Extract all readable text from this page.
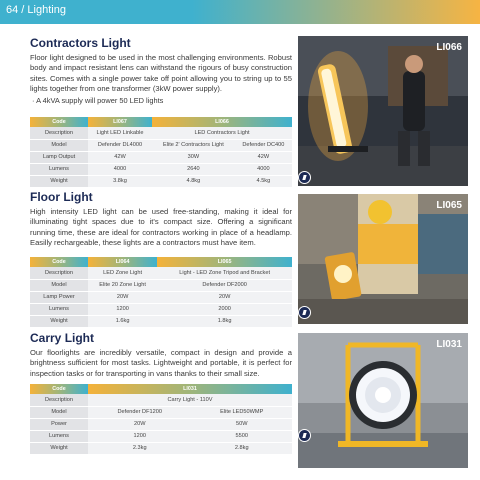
64 / Lighting
Contractors Light
Floor light designed to be used in the most challenging environments. Robust body and impact resistant lens can withstand the rigours of busy construction sites. Comes with a single power take off point allowing you to string up to 55 lights together from one transformer (3kW power supply).
· A 4kVA supply will power 50 LED lights
Code	LI067	LI066	
Description	Light LED Linkable	LED Contractors Light	
Model	Defender DL4000	Elite 2' Contractors Light	Defender DC400
Lamp Output	42W	30W	42W
Lumens	4000	2640	4000
Weight	3.8kg	4.8kg	4.5kg
LI066
Floor Light
High intensity LED light can be used free-standing, making it ideal for illuminating tight spaces due to it's compact size. Offering a significant running time, these are ideal for contractors working in place of a headlamp. Easilly rechargeable, these lights are a contractors must have item.
Code	LI064	LI065
Description	LED Zone Light	Light - LED Zone Tripod and Bracket
Model	Elite 20 Zone Light	Defender DF2000
Lamp Power	20W	20W
Lumens	1200	2000
Weight	1.6kg	1.8kg
LI065
Carry Light
Our floorlights are incredibly versatile, compact in design and provide a brightness sufficient for most tasks. Lightweight and portable, it is perfect for inspection tasks or for transporting in vans thanks to their small size.
Code	LI031	
Description	Carry Light - 110V	
Model	Defender DF1200	Elite LED50WMP
Power	20W	50W
Lumens	1200	5500
Weight	2.3kg	2.8kg
LI031
